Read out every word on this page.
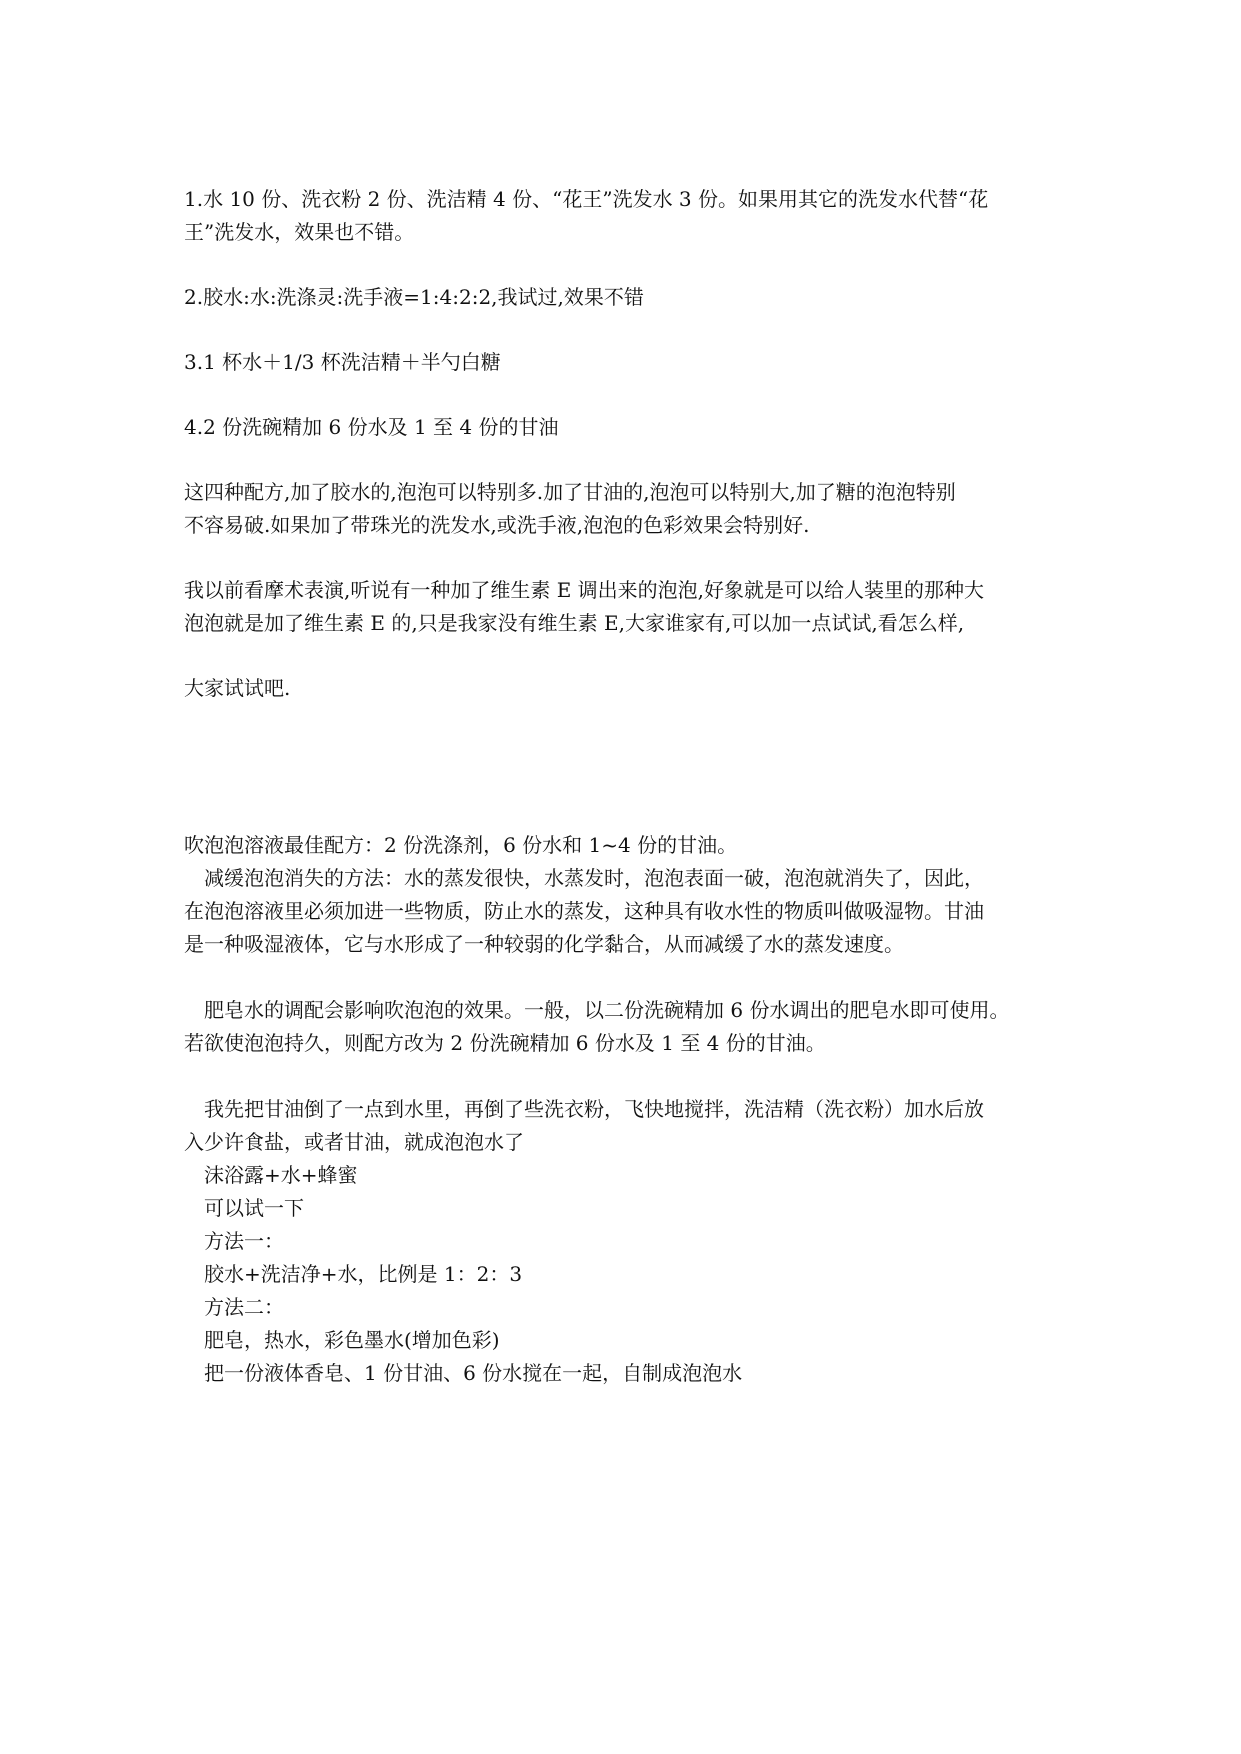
1.水 10 份、洗衣粉 2 份、洗洁精 4 份、“花王”洗发水 3 份。如果用其它的洗发水代替“花

王”洗发水，效果也不错。

2.胶水:水:洗涤灵:洗手液=1:4:2:2,我试过,效果不错

3.1 杯水＋1/3 杯洗洁精＋半勺白糖

4.2 份洗碗精加 6 份水及 1 至 4 份的甘油

这四种配方,加了胶水的,泡泡可以特别多.加了甘油的,泡泡可以特别大,加了糖的泡泡特别

不容易破.如果加了带珠光的洗发水,或洗手液,泡泡的色彩效果会特别好.

我以前看摩术表演,听说有一种加了维生素 E 调出来的泡泡,好象就是可以给人装里的那种大

泡泡就是加了维生素 E 的,只是我家没有维生素 E,大家谁家有,可以加一点试试,看怎么样,

大家试试吧.

吹泡泡溶液最佳配方：2 份洗涤剂，6 份水和 1~4 份的甘油。

　减缓泡泡消失的方法：水的蒸发很快，水蒸发时，泡泡表面一破，泡泡就消失了，因此，

在泡泡溶液里必须加进一些物质，防止水的蒸发，这种具有收水性的物质叫做吸湿物。甘油

是一种吸湿液体，它与水形成了一种较弱的化学黏合，从而减缓了水的蒸发速度。

　肥皂水的调配会影响吹泡泡的效果。一般，以二份洗碗精加 6 份水调出的肥皂水即可使用。

若欲使泡泡持久，则配方改为 2 份洗碗精加 6 份水及 1 至 4 份的甘油。

　我先把甘油倒了一点到水里，再倒了些洗衣粉，飞快地搅拌，洗洁精（洗衣粉）加水后放

入少许食盐，或者甘油，就成泡泡水了

　沫浴露+水+蜂蜜

　可以试一下

　方法一：

　胶水+洗洁净+水，比例是 1：2：3

　方法二：

　肥皂，热水，彩色墨水(增加色彩)

　把一份液体香皂、1 份甘油、6 份水搅在一起，自制成泡泡水
